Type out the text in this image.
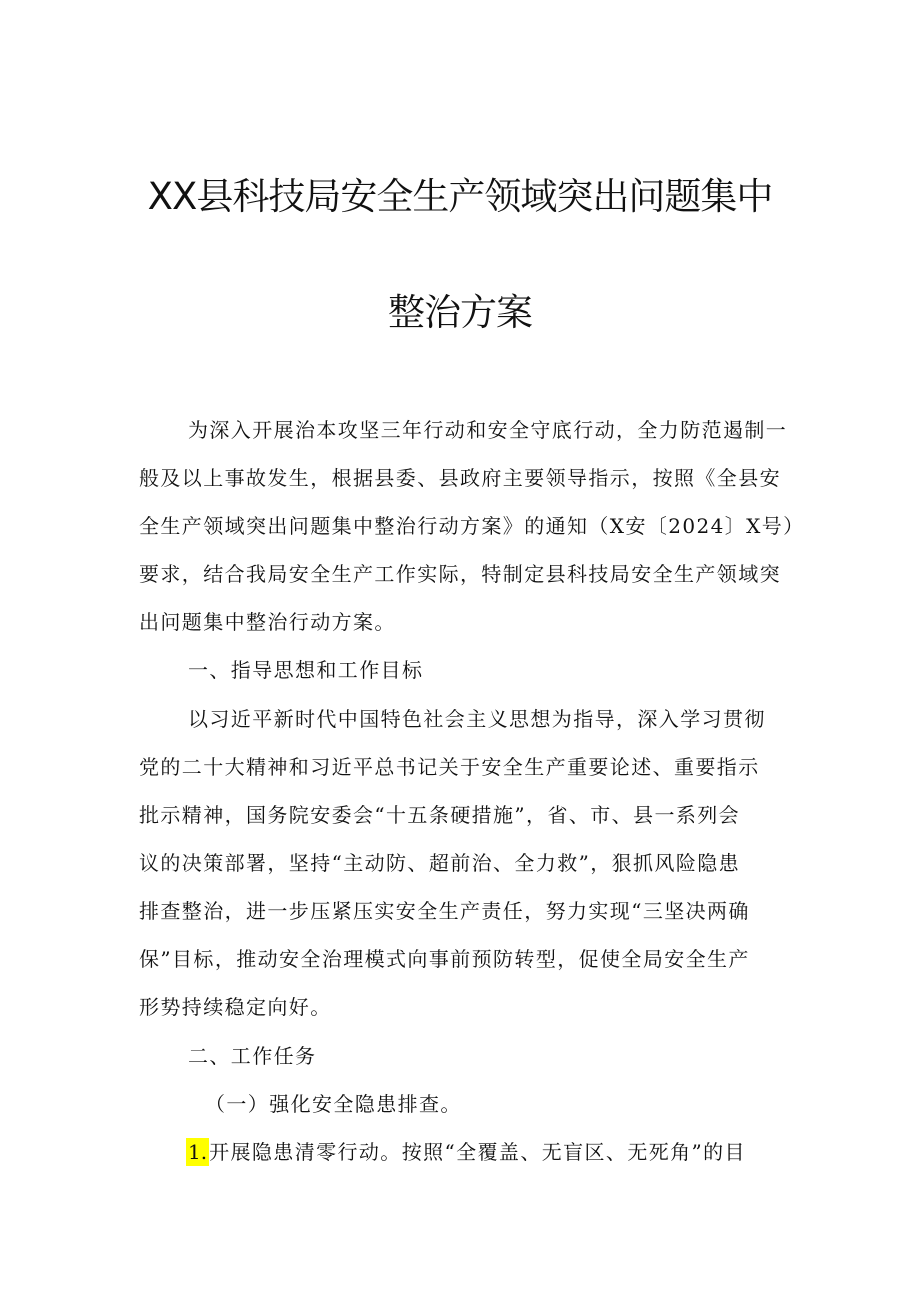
XX县科技局安全生产领域突出问题集中
整治方案
为深入开展治本攻坚三年行动和安全守底行动，全力防范遏制一
般及以上事故发生，根据县委、县政府主要领导指示，按照《全县安
全生产领域突出问题集中整治行动方案》的通知（X安〔2024〕X号）
要求，结合我局安全生产工作实际，特制定县科技局安全生产领域突
出问题集中整治行动方案。
一、指导思想和工作目标
以习近平新时代中国特色社会主义思想为指导，深入学习贯彻
党的二十大精神和习近平总书记关于安全生产重要论述、重要指示
批示精神，国务院安委会“十五条硬措施”，省、市、县一系列会
议的决策部署，坚持“主动防、超前治、全力救”，狠抓风险隐患
排查整治，进一步压紧压实安全生产责任，努力实现“三坚决两确
保”目标，推动安全治理模式向事前预防转型，促使全局安全生产
形势持续稳定向好。
二、工作任务
（一）强化安全隐患排查。
1. 开展隐患清零行动。按照“全覆盖、无盲区、无死角”的目
